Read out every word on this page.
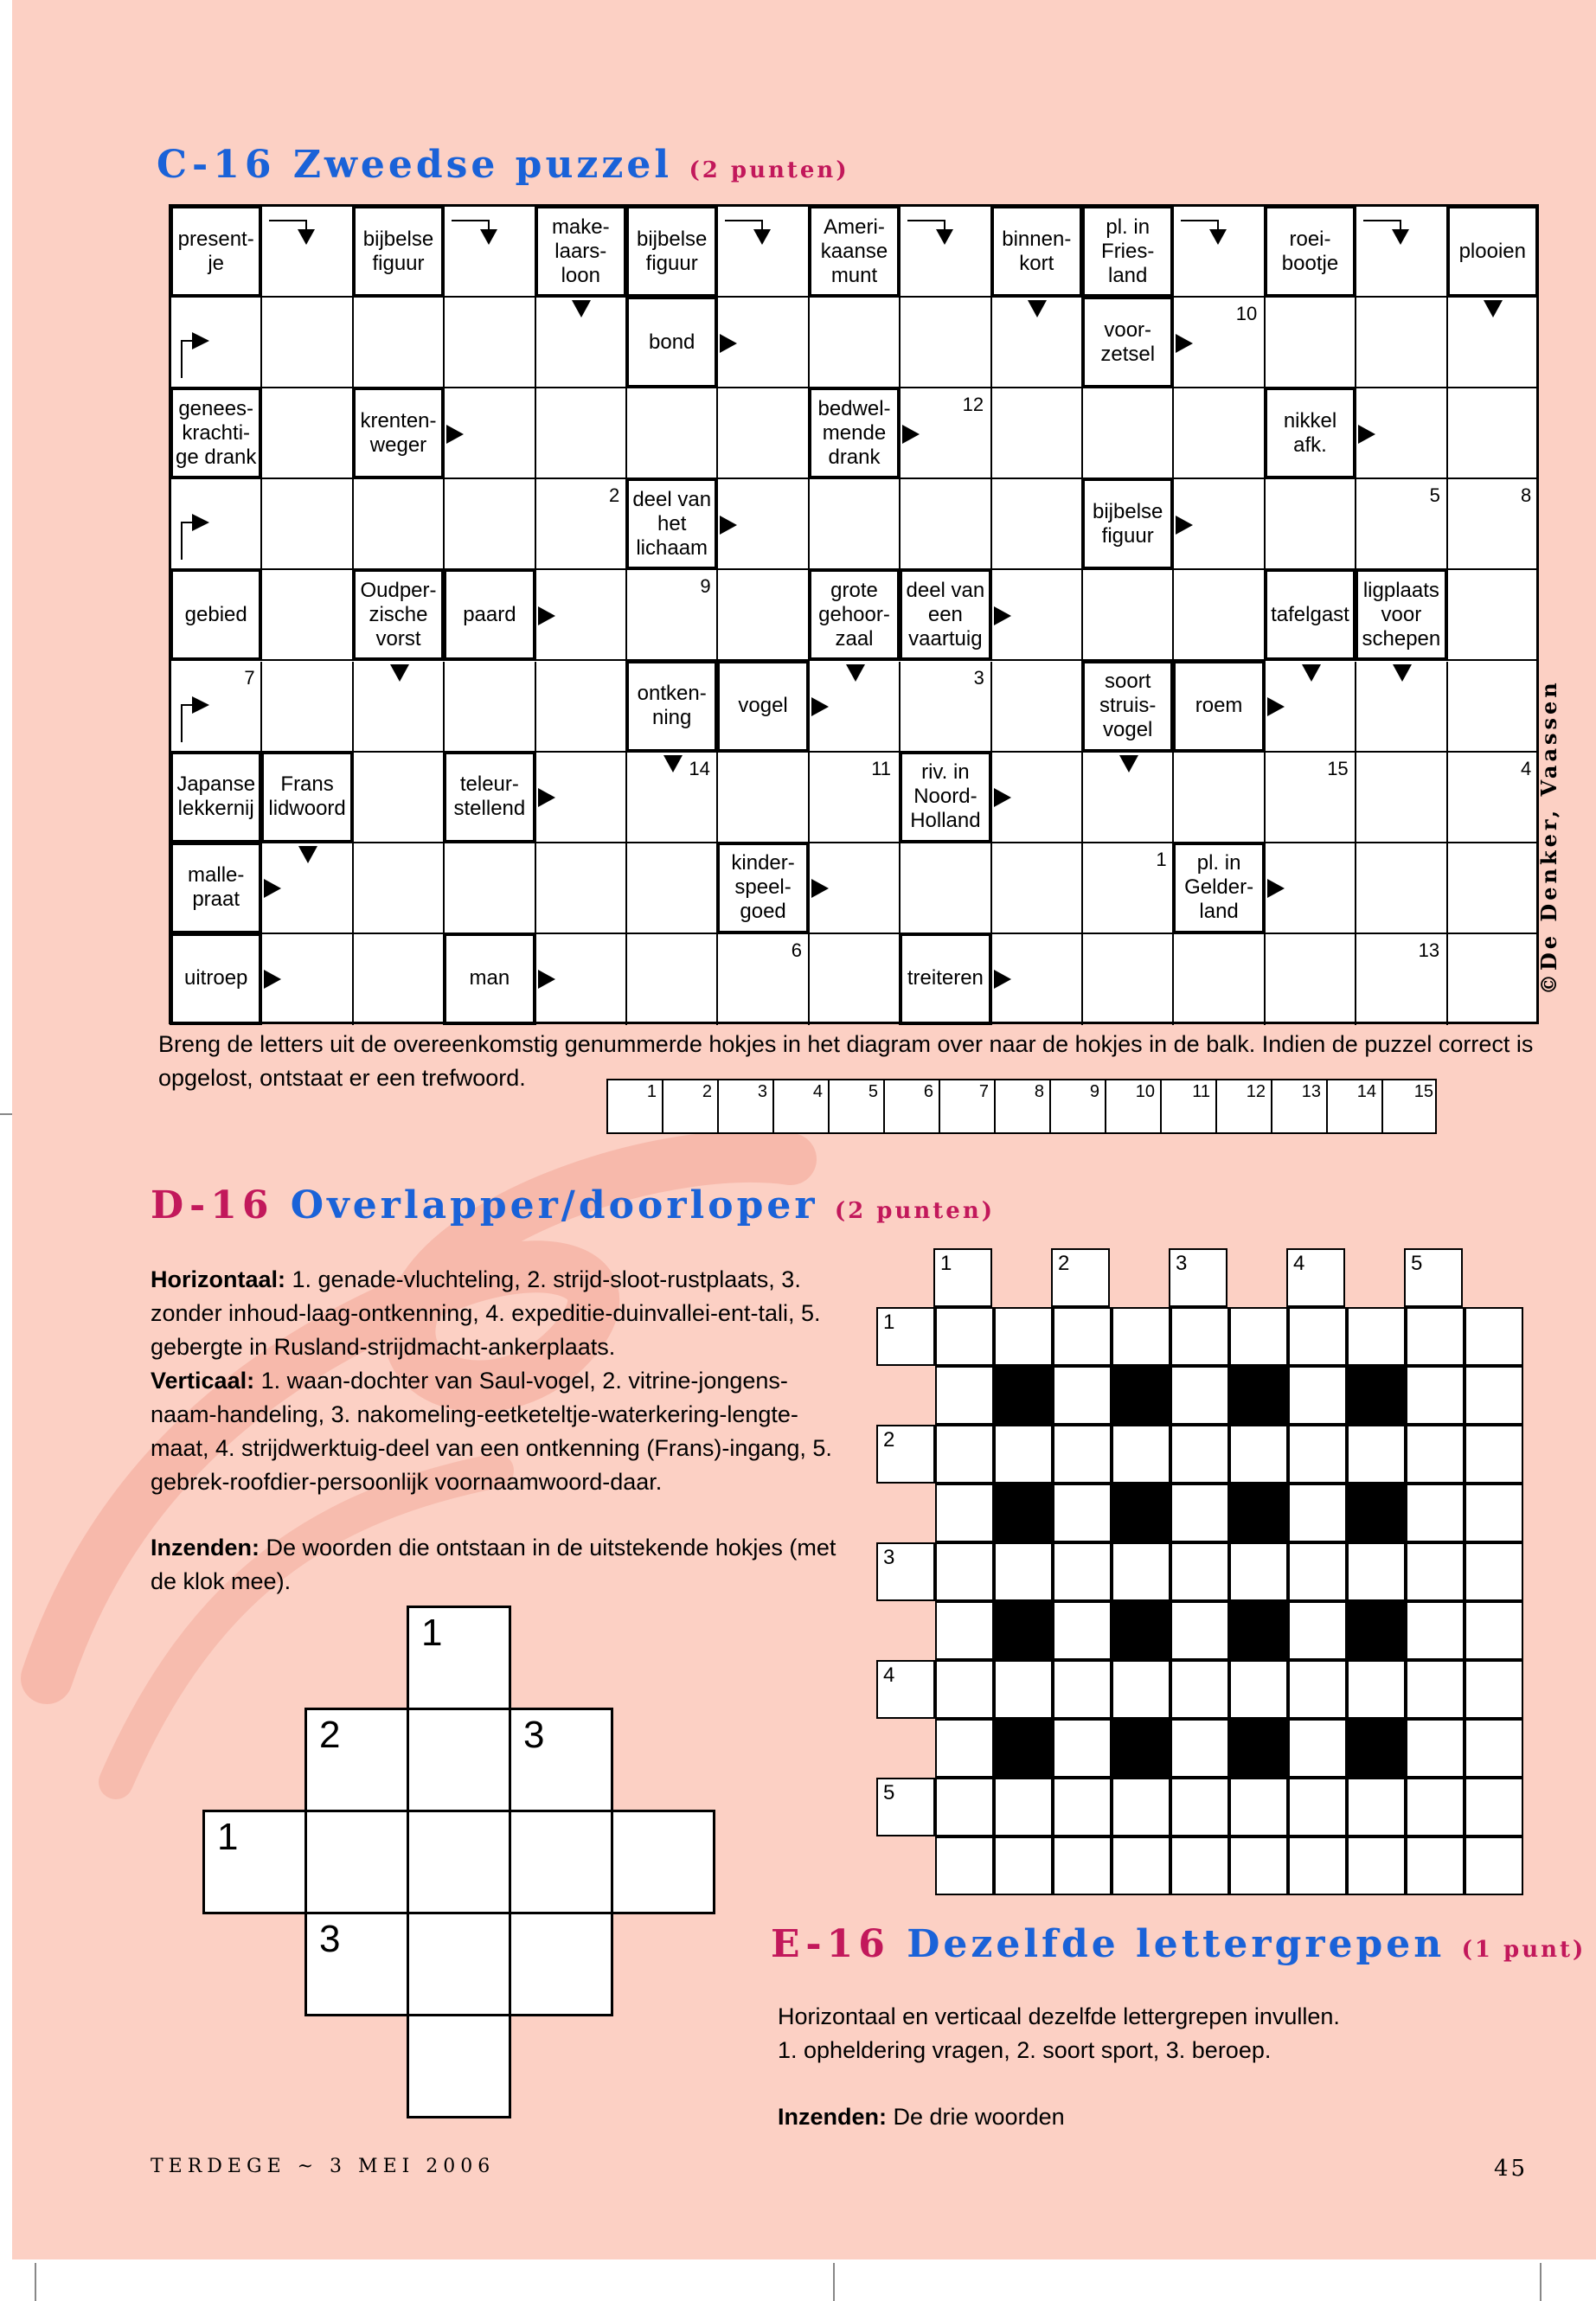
C-16 Zweedse puzzel (2 punten)
present-
je
bijbelse
figuur
make-
laars-
loon
bijbelse
figuur
Ameri-
kaanse
munt
binnen-
kort
pl. in
Fries-
land
roei-
bootje
plooien
bond
voor-
zetsel
genees-
krachti-
ge drank
krenten-
weger
bedwel-
mende
drank
nikkel
afk.
deel van
het
lichaam
bijbelse
figuur
gebied
Oudper-
zische
vorst
paard
grote
gehoor-
zaal
deel van
een
vaartuig
tafelgast
ligplaats
voor
schepen
ontken-
ning
vogel
soort
struis-
vogel
roem
Japanse
lekkernij
Frans
lidwoord
teleur-
stellend
riv. in
Noord-
Holland
malle-
praat
kinder-
speel-
goed
pl. in
Gelder-
land
uitroep	man	treiteren
10
12
2	5	8
9
7	3
14	11	15	4
1
6	13	©De Denker, Vaassen
Breng de letters uit de overeenkomstig genummerde hokjes in het diagram over naar de hokjes in de balk. Indien de puzzel correct is opgelost, ontstaat er een trefwoord.
1	2	3	4	5	6	7	8	9 10 11 12 13 14 15
D-16 Overlapper/doorloper (2 punten)
Horizontaal: 1. genade-vluchteling, 2. strijd-sloot-rustplaats, 3. zonder inhoud-laag-ontkenning, 4. expeditie-duinvallei-ent-tali, 5. gebergte in Rusland-strijdmacht-ankerplaats.
Verticaal: 1. waan-dochter van Saul-vogel, 2. vitrine-jongens-naam-handeling, 3. nakomeling-eetketeltje-waterkering-lengte-maat, 4. strijdwerktuig-deel van een ontkenning (Frans)-ingang, 5. gebrek-roofdier-persoonlijk voornaamwoord-daar.
Inzenden: De woorden die ontstaan in de uitstekende hokjes (met de klok mee).
1	2	3	4	5
1
2
3
4
5
1
2	3
1
3	E-16 Dezelfde lettergrepen (1 punt)
Horizontaal en verticaal dezelfde lettergrepen invullen.
1. opheldering vragen, 2. soort sport, 3. beroep.
Inzenden: De drie woorden
TERDEGE ~ 3 MEI 2006	45
